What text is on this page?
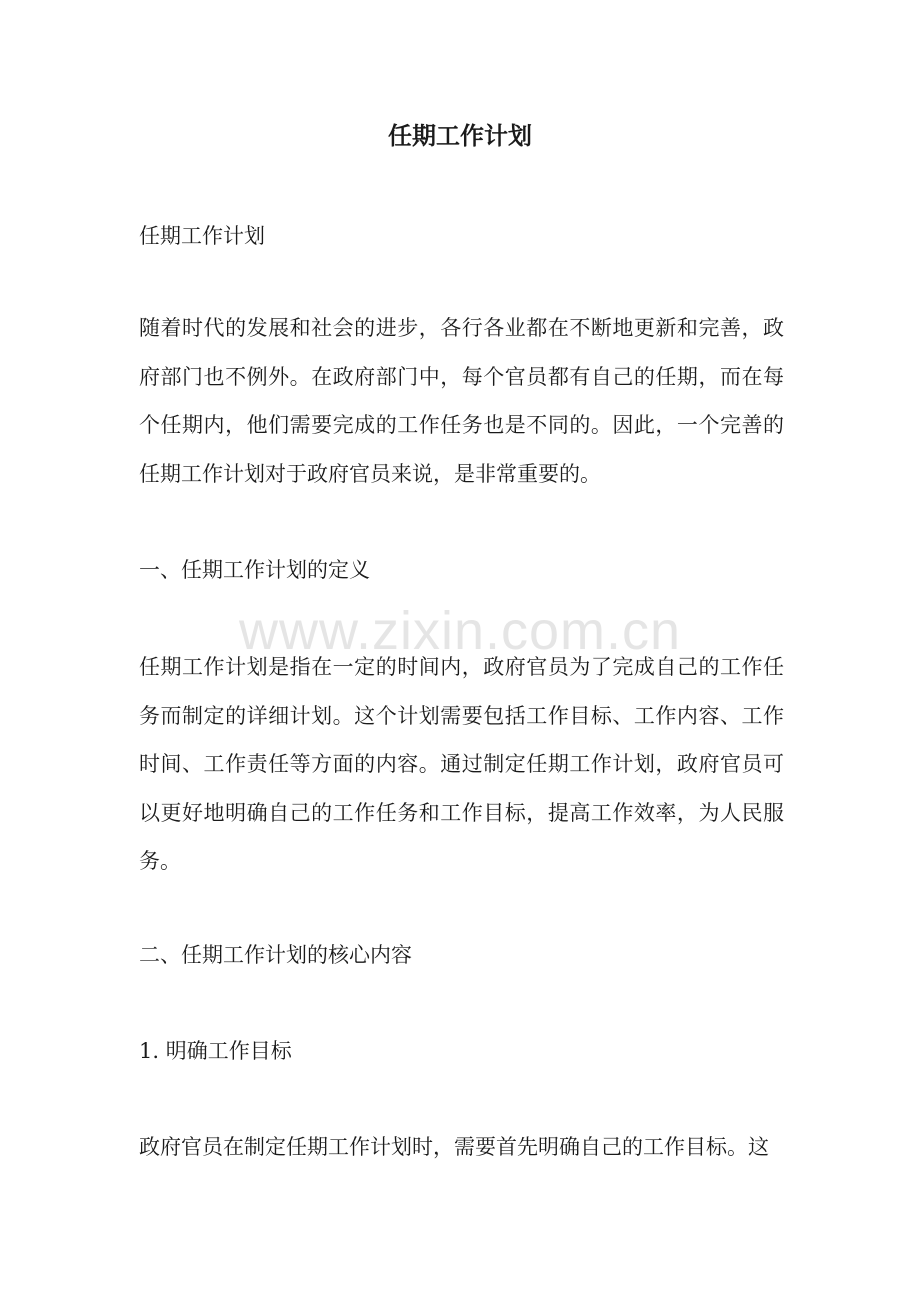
任期工作计划

任期工作计划

随着时代的发展和社会的进步，各行各业都在不断地更新和完善，政府部门也不例外。在政府部门中，每个官员都有自己的任期，而在每个任期内，他们需要完成的工作任务也是不同的。因此，一个完善的任期工作计划对于政府官员来说，是非常重要的。

一、任期工作计划的定义

任期工作计划是指在一定的时间内，政府官员为了完成自己的工作任务而制定的详细计划。这个计划需要包括工作目标、工作内容、工作时间、工作责任等方面的内容。通过制定任期工作计划，政府官员可以更好地明确自己的工作任务和工作目标，提高工作效率，为人民服务。

二、任期工作计划的核心内容

1. 明确工作目标

政府官员在制定任期工作计划时，需要首先明确自己的工作目标。这

www.zixin.com.cn
